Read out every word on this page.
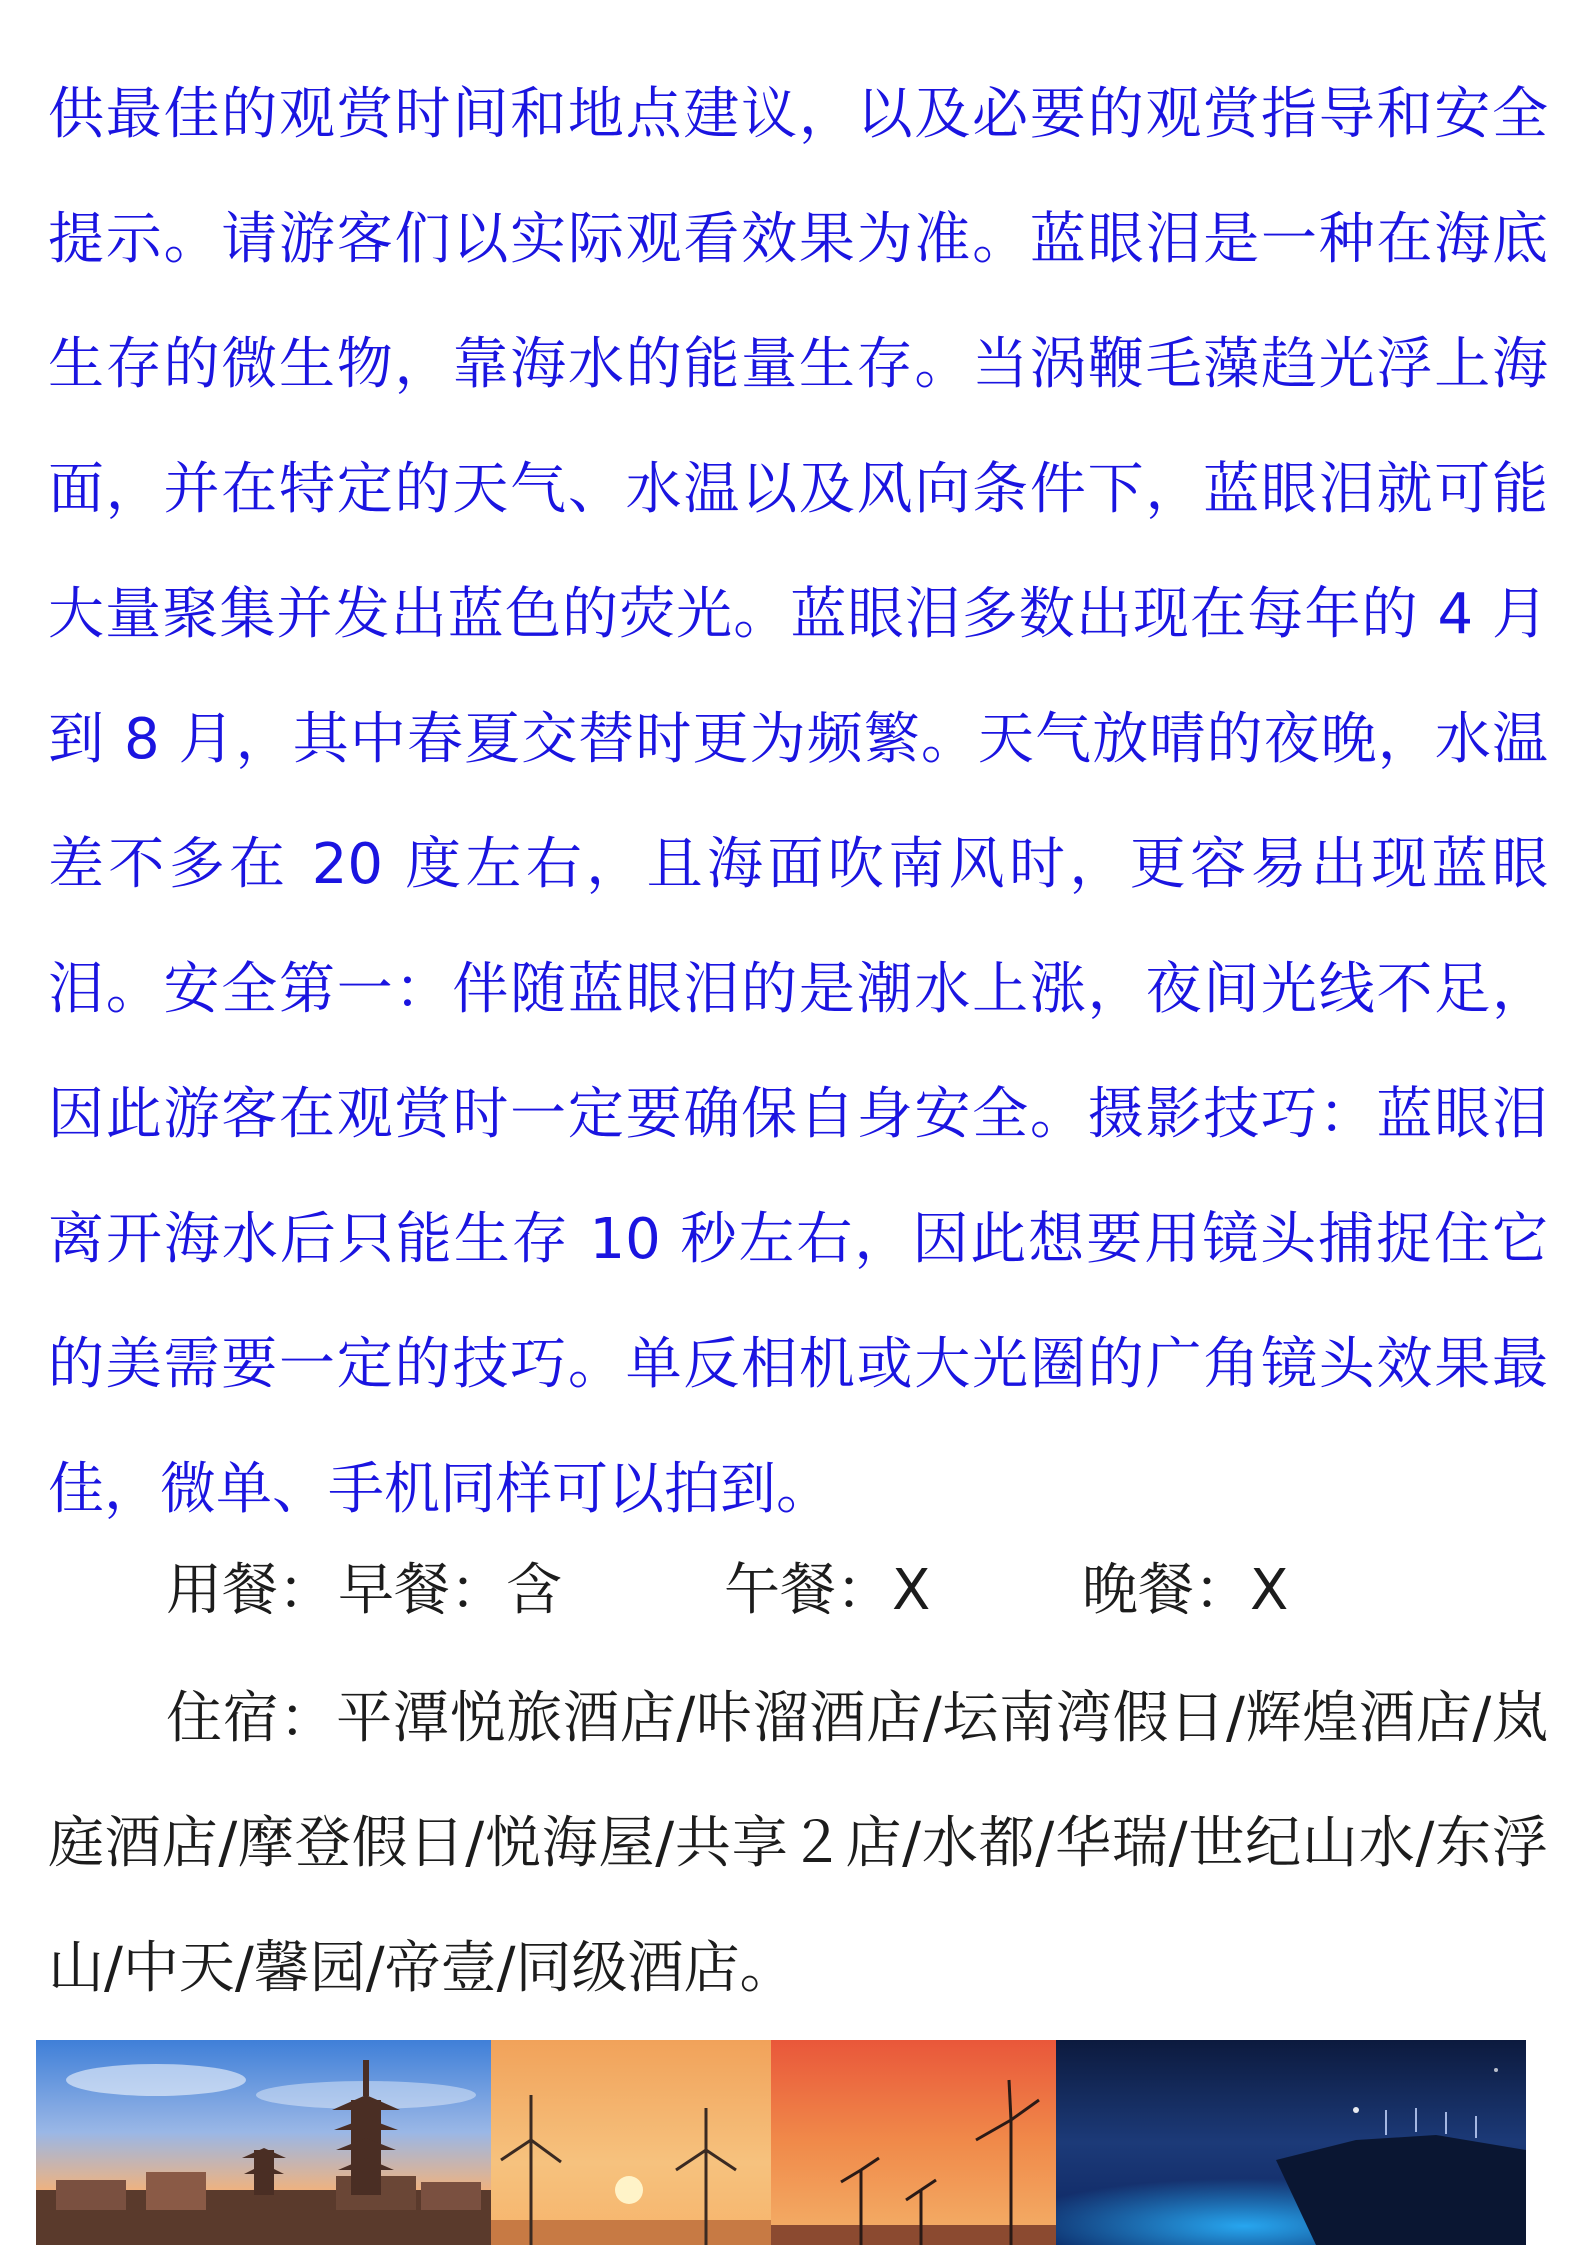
供最佳的观赏时间和地点建议，以及必要的观赏指导和安全提示。请游客们以实际观看效果为准。蓝眼泪是一种在海底生存的微生物，靠海水的能量生存。当涡鞭毛藻趋光浮上海面，并在特定的天气、水温以及风向条件下，蓝眼泪就可能大量聚集并发出蓝色的荧光。蓝眼泪多数出现在每年的 4 月到 8 月，其中春夏交替时更为频繁。天气放晴的夜晚，水温差不多在 20 度左右，且海面吹南风时，更容易出现蓝眼泪。安全第一：伴随蓝眼泪的是潮水上涨，夜间光线不足，因此游客在观赏时一定要确保自身安全。摄影技巧：蓝眼泪离开海水后只能生存 10 秒左右，因此想要用镜头捕捉住它的美需要一定的技巧。单反相机或大光圈的广角镜头效果最佳，微单、手机同样可以拍到。

用餐： 早餐：含	午餐：X	晚餐：X

住宿：平潭悦旅酒店/咔溜酒店/坛南湾假日/辉煌酒店/岚庭酒店/摩登假日/悦海屋/共享２店/水都/华瑞/世纪山水/东浮山/中天/馨园/帝壹/同级酒店。
